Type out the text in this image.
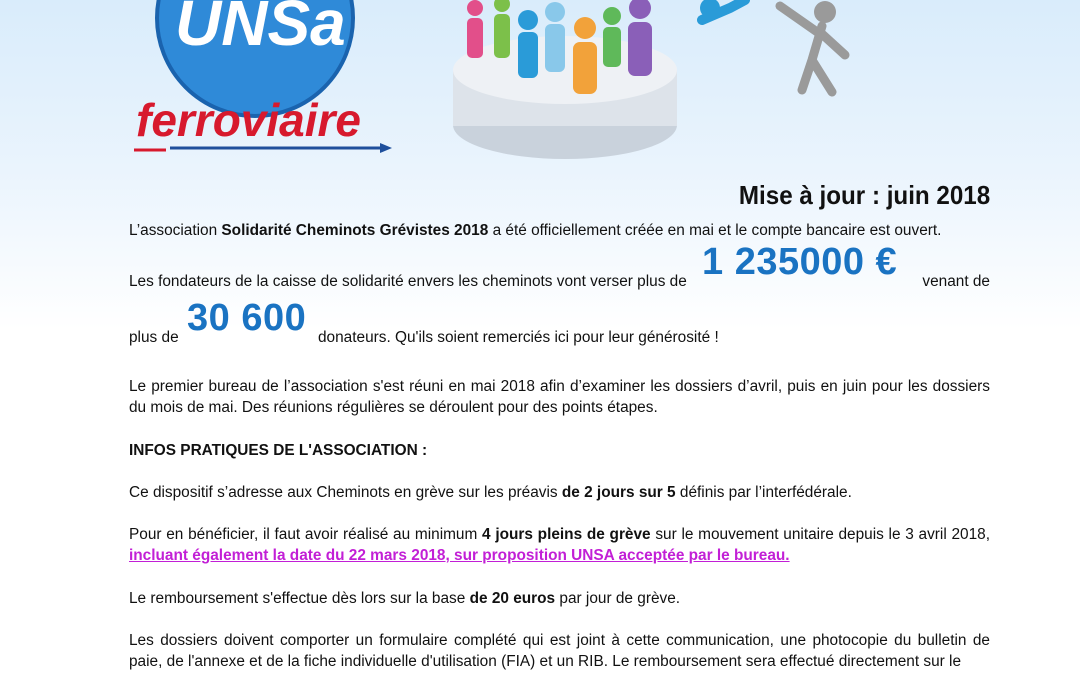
UNSa
ferroviaire
Mise à jour : juin 2018

L’association Solidarité Cheminots Grévistes 2018 a été officiellement créée en mai et le compte bancaire est ouvert.

Les fondateurs de la caisse de solidarité envers les cheminots vont verser plus de 1 235000 € venant de
plus de 30 600 donateurs. Qu'ils soient remerciés ici pour leur générosité !

Le premier bureau de l’association s'est réuni en mai 2018 afin d’examiner les dossiers d’avril, puis en juin pour les dossiers du mois de mai. Des réunions régulières se déroulent pour des points étapes.

INFOS PRATIQUES DE L'ASSOCIATION :

Ce dispositif s’adresse aux Cheminots en grève sur les préavis de 2 jours sur 5 définis par l’interfédérale.

Pour en bénéficier, il faut avoir réalisé au minimum 4 jours pleins de grève sur le mouvement unitaire depuis le 3 avril 2018, incluant également la date du 22 mars 2018, sur proposition UNSA acceptée par le bureau.

Le remboursement s'effectue dès lors sur la base de 20 euros par jour de grève.

Les dossiers doivent comporter un formulaire complété qui est joint à cette communication, une photocopie du bulletin de paie, de l'annexe et de la fiche individuelle d'utilisation (FIA) et un RIB. Le remboursement sera effectué directement sur le
